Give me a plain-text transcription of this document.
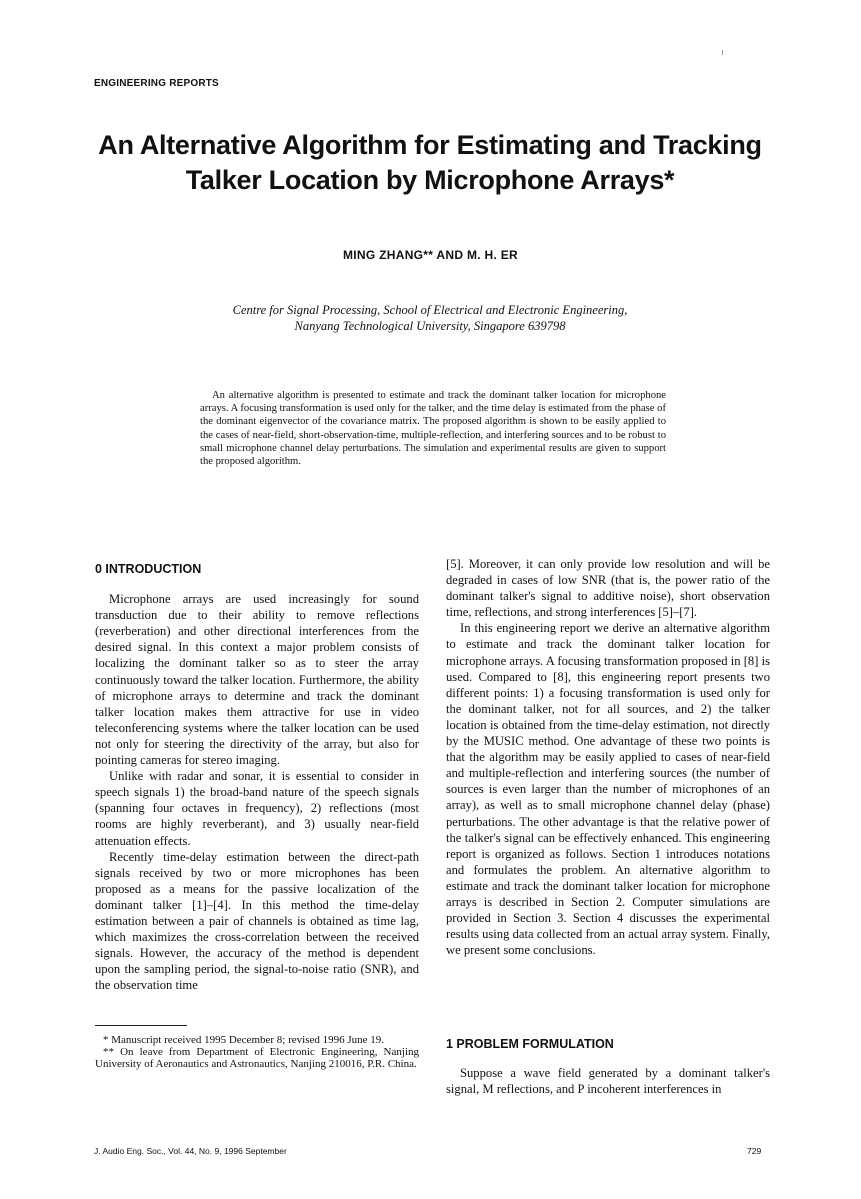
ENGINEERING REPORTS
An Alternative Algorithm for Estimating and Tracking
Talker Location by Microphone Arrays*
MING ZHANG** AND M. H. ER
Centre for Signal Processing, School of Electrical and Electronic Engineering,
Nanyang Technological University, Singapore 639798
An alternative algorithm is presented to estimate and track the dominant talker location for microphone arrays. A focusing transformation is used only for the talker, and the time delay is estimated from the phase of the dominant eigenvector of the covariance matrix. The proposed algorithm is shown to be easily applied to the cases of near-field, short-observation-time, multiple-reflection, and interfering sources and to be robust to small microphone channel delay perturbations. The simulation and experimental results are given to support the proposed algorithm.
0 INTRODUCTION

Microphone arrays are used increasingly for sound transduction due to their ability to remove reflections (reverberation) and other directional interferences from the desired signal. In this context a major problem consists of localizing the dominant talker so as to steer the array continuously toward the talker location. Furthermore, the ability of microphone arrays to determine and track the dominant talker location makes them attractive for use in video teleconferencing systems where the talker location can be used not only for steering the directivity of the array, but also for pointing cameras for stereo imaging.

Unlike with radar and sonar, it is essential to consider in speech signals 1) the broad-band nature of the speech signals (spanning four octaves in frequency), 2) reflections (most rooms are highly reverberant), and 3) usually near-field attenuation effects.

Recently time-delay estimation between the direct-path signals received by two or more microphones has been proposed as a means for the passive localization of the dominant talker [1]–[4]. In this method the time-delay estimation between a pair of channels is obtained as time lag, which maximizes the cross-correlation between the received signals. However, the accuracy of the method is dependent upon the sampling period, the signal-to-noise ratio (SNR), and the observation time

[5]. Moreover, it can only provide low resolution and will be degraded in cases of low SNR (that is, the power ratio of the dominant talker's signal to additive noise), short observation time, reflections, and strong interferences [5]–[7].

In this engineering report we derive an alternative algorithm to estimate and track the dominant talker location for microphone arrays. A focusing transformation proposed in [8] is used. Compared to [8], this engineering report presents two different points: 1) a focusing transformation is used only for the dominant talker, not for all sources, and 2) the talker location is obtained from the time-delay estimation, not directly by the MUSIC method. One advantage of these two points is that the algorithm may be easily applied to cases of near-field and multiple-reflection and interfering sources (the number of sources is even larger than the number of microphones of an array), as well as to small microphone channel delay (phase) perturbations. The other advantage is that the relative power of the talker's signal can be effectively enhanced. This engineering report is organized as follows. Section 1 introduces notations and formulates the problem. An alternative algorithm to estimate and track the dominant talker location for microphone arrays is described in Section 2. Computer simulations are provided in Section 3. Section 4 discusses the experimental results using data collected from an actual array system. Finally, we present some conclusions.

* Manuscript received 1995 December 8; revised 1996 June 19.

** On leave from Department of Electronic Engineering, Nanjing University of Aeronautics and Astronautics, Nanjing 210016, P.R. China.

1 PROBLEM FORMULATION

Suppose a wave field generated by a dominant talker's signal, M reflections, and P incoherent interferences in

J. Audio Eng. Soc., Vol. 44, No. 9, 1996 September	729
